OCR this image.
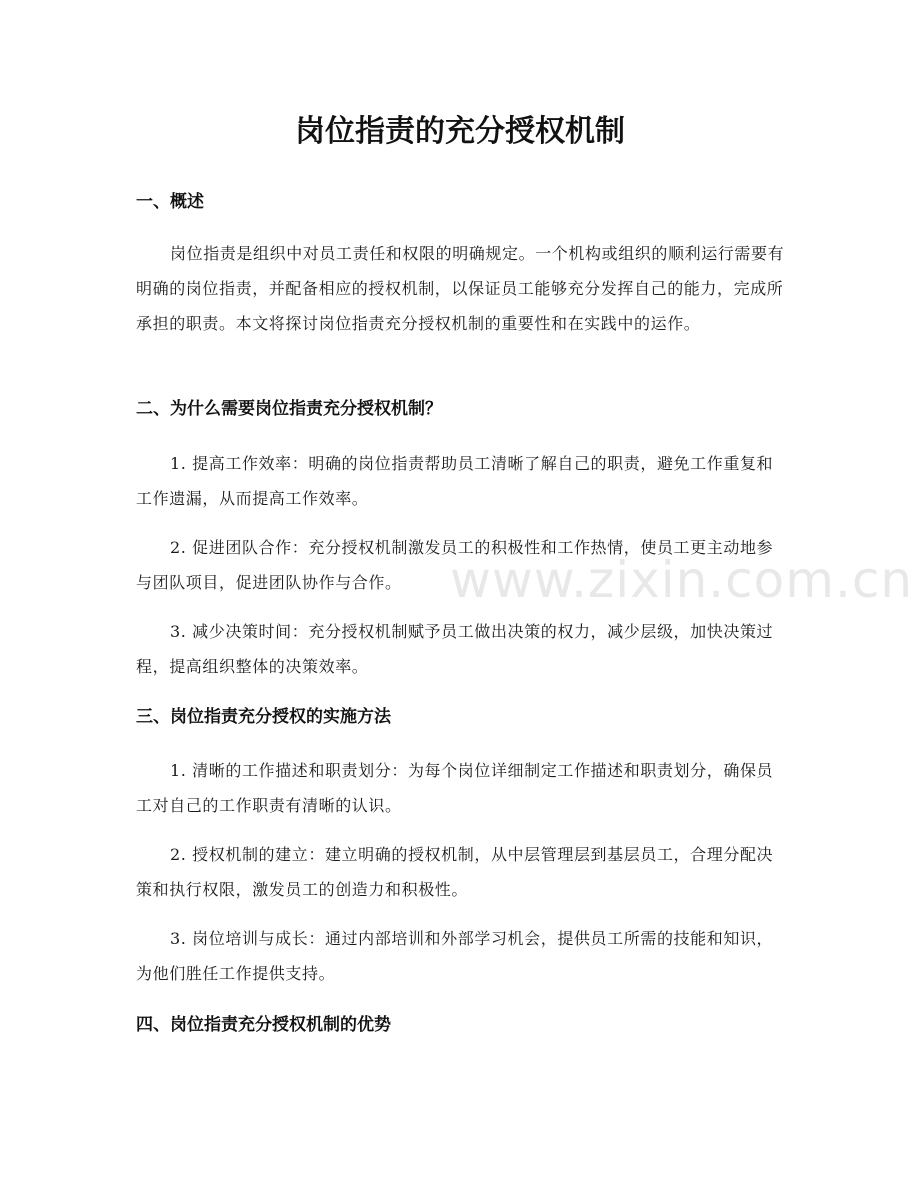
岗位指责的充分授权机制
一、概述

岗位指责是组织中对员工责任和权限的明确规定。一个机构或组织的顺利运行需要有明确的岗位指责，并配备相应的授权机制，以保证员工能够充分发挥自己的能力，完成所承担的职责。本文将探讨岗位指责充分授权机制的重要性和在实践中的运作。

二、为什么需要岗位指责充分授权机制？

1. 提高工作效率：明确的岗位指责帮助员工清晰了解自己的职责，避免工作重复和工作遗漏，从而提高工作效率。

2. 促进团队合作：充分授权机制激发员工的积极性和工作热情，使员工更主动地参与团队项目，促进团队协作与合作。

3. 减少决策时间：充分授权机制赋予员工做出决策的权力，减少层级，加快决策过程，提高组织整体的决策效率。

三、岗位指责充分授权的实施方法

1. 清晰的工作描述和职责划分：为每个岗位详细制定工作描述和职责划分，确保员工对自己的工作职责有清晰的认识。

2. 授权机制的建立：建立明确的授权机制，从中层管理层到基层员工，合理分配决策和执行权限，激发员工的创造力和积极性。

3. 岗位培训与成长：通过内部培训和外部学习机会，提供员工所需的技能和知识，为他们胜任工作提供支持。

四、岗位指责充分授权机制的优势
www.zixin.com.cn
